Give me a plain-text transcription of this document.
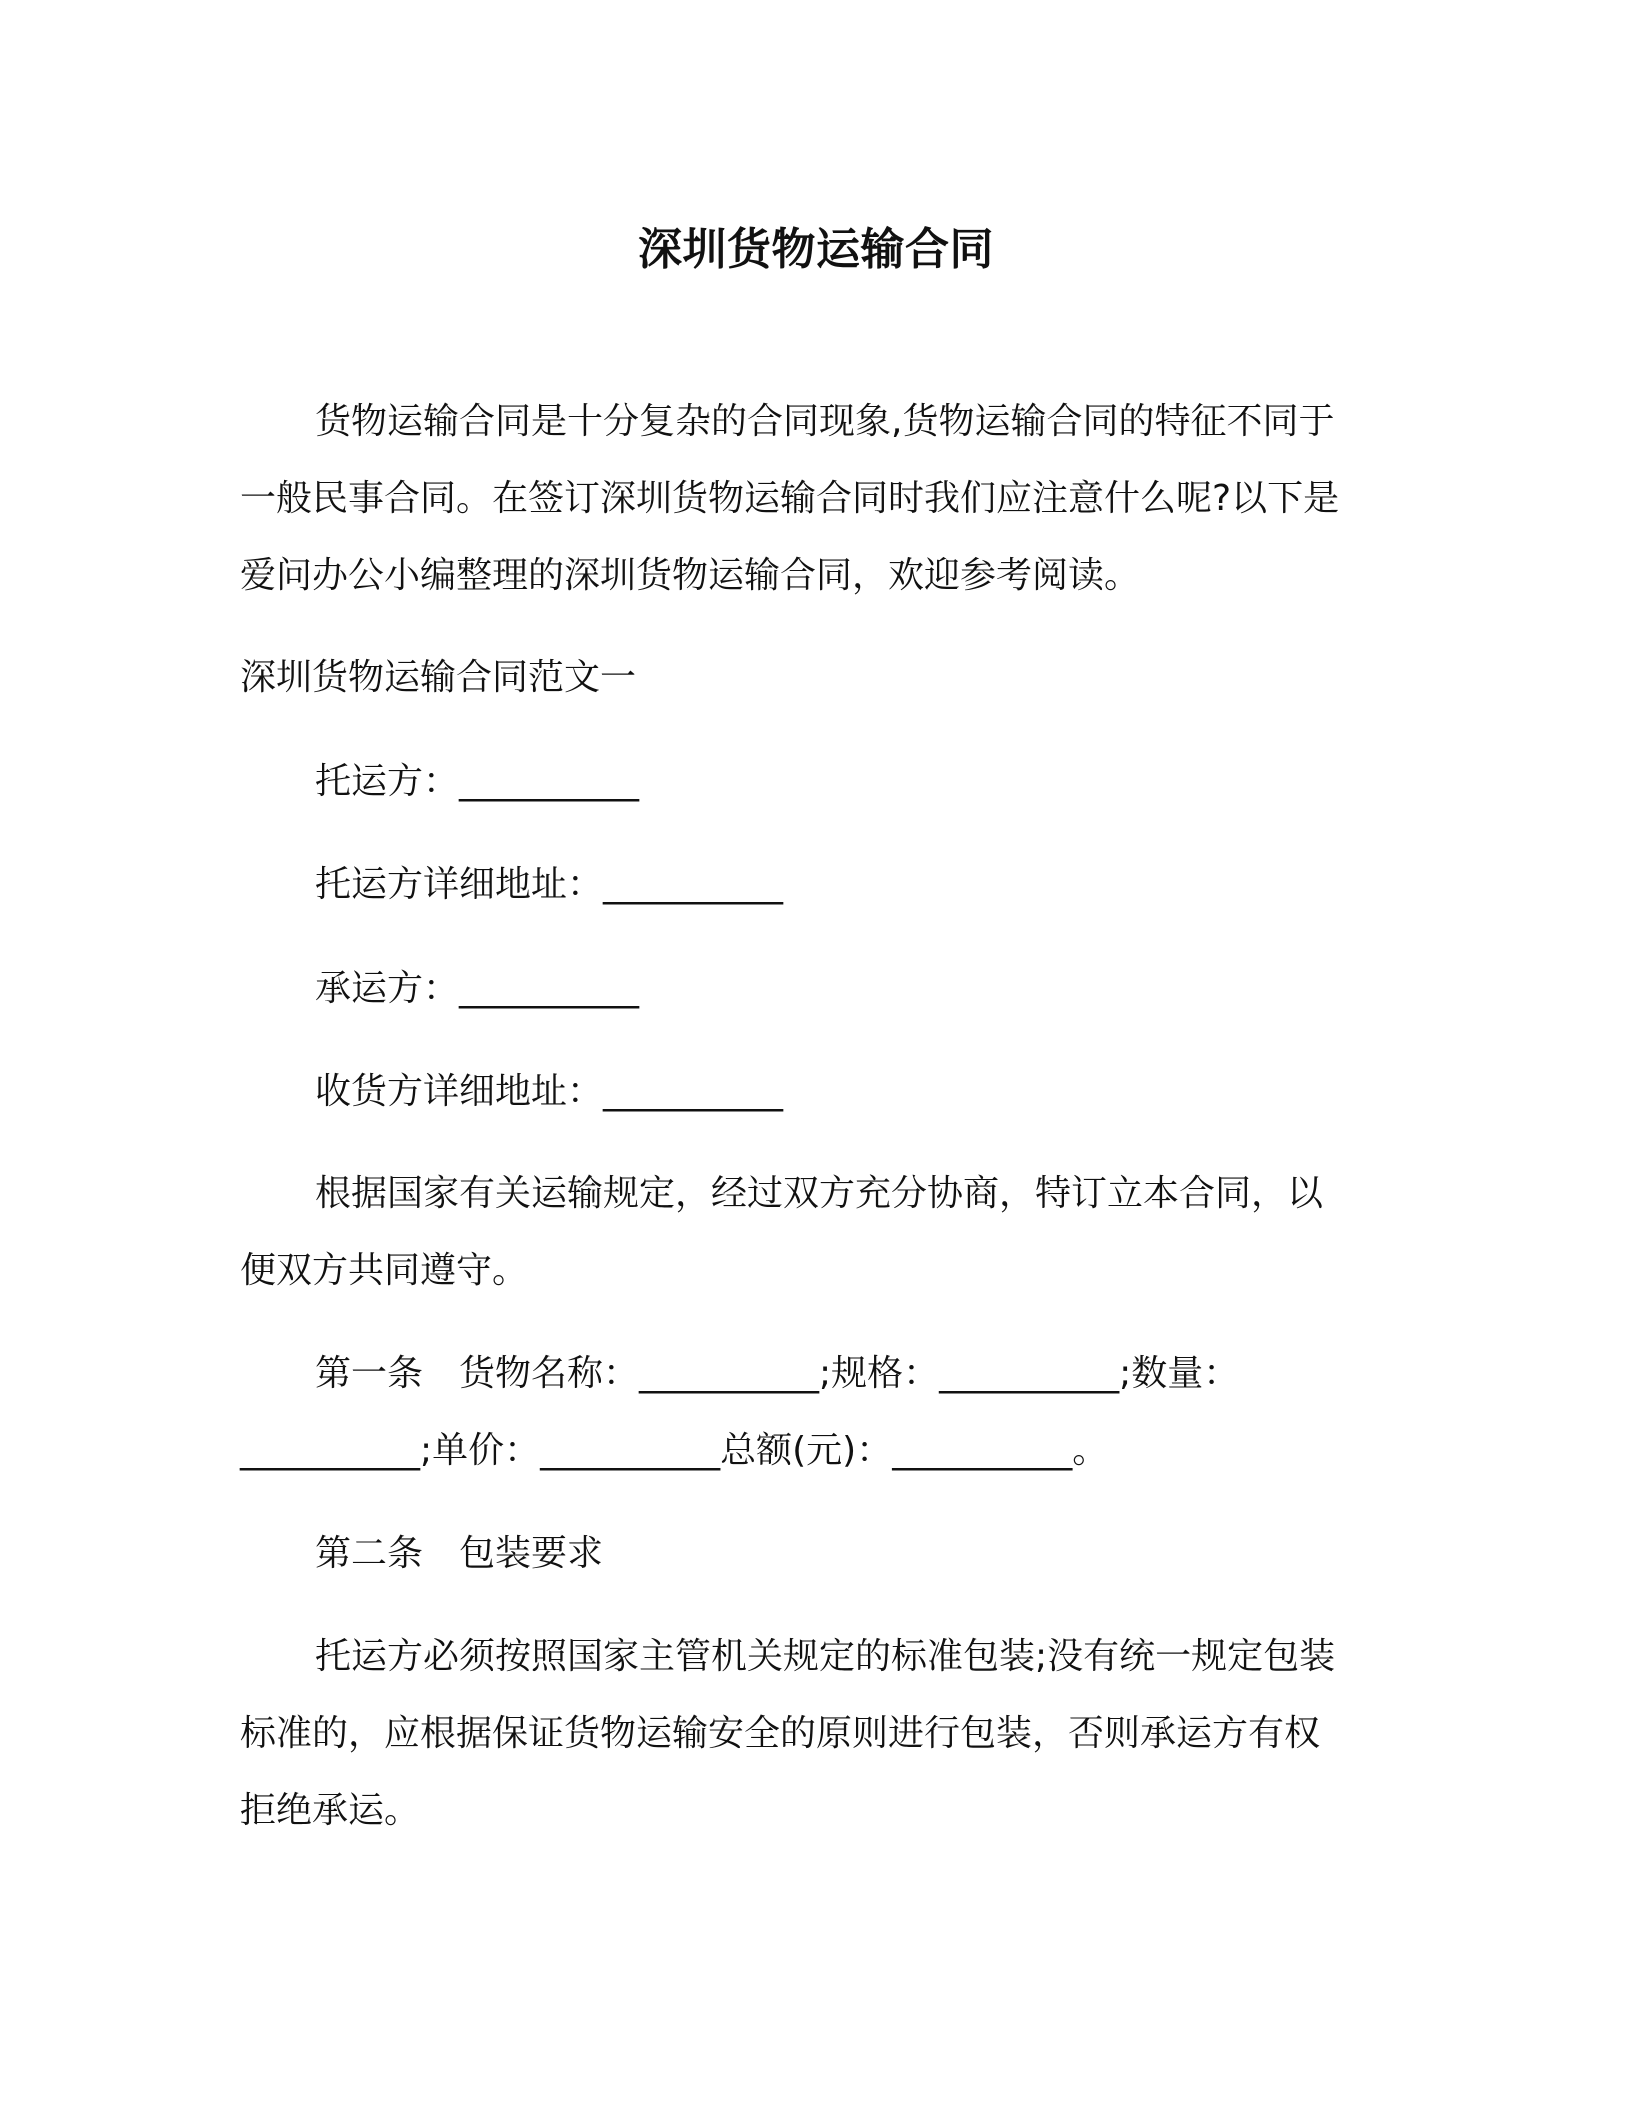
深圳货物运输合同
货物运输合同是十分复杂的合同现象,货物运输合同的特征不同于
一般民事合同。在签订深圳货物运输合同时我们应注意什么呢?以下是
爱问办公小编整理的深圳货物运输合同，欢迎参考阅读。
深圳货物运输合同范文一
托运方：__________
托运方详细地址：__________
承运方：__________
收货方详细地址：__________
根据国家有关运输规定，经过双方充分协商，特订立本合同，以
便双方共同遵守。
第一条　货物名称：__________;规格：__________;数量：
__________;单价：__________总额(元)：__________。
第二条　包装要求
托运方必须按照国家主管机关规定的标准包装;没有统一规定包装
标准的，应根据保证货物运输安全的原则进行包装，否则承运方有权
拒绝承运。
